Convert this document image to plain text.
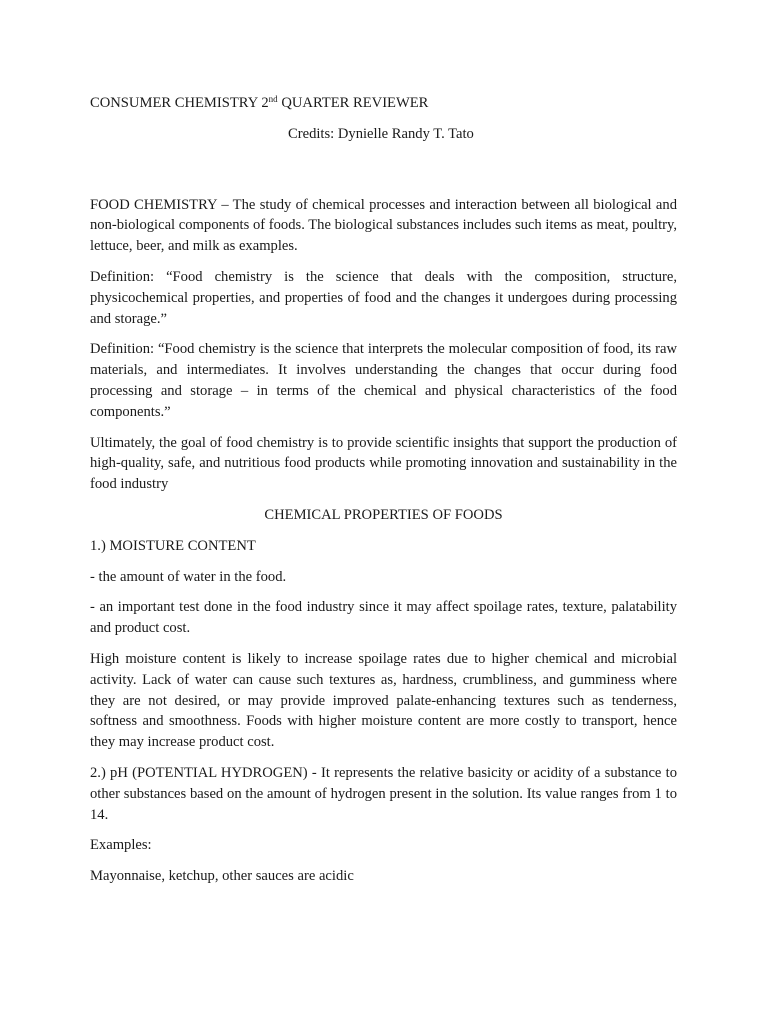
CONSUMER CHEMISTRY 2nd QUARTER REVIEWER

Credits: Dynielle Randy T. Tato

FOOD CHEMISTRY – The study of chemical processes and interaction between all biological and non-biological components of foods. The biological substances includes such items as meat, poultry, lettuce, beer, and milk as examples.

Definition: “Food chemistry is the science that deals with the composition, structure, physicochemical properties, and properties of food and the changes it undergoes during processing and storage.”

Definition: “Food chemistry is the science that interprets the molecular composition of food, its raw materials, and intermediates. It involves understanding the changes that occur during food processing and storage – in terms of the chemical and physical characteristics of the food components.”

Ultimately, the goal of food chemistry is to provide scientific insights that support the production of high-quality, safe, and nutritious food products while promoting innovation and sustainability in the food industry

CHEMICAL PROPERTIES OF FOODS

1.) MOISTURE CONTENT

- the amount of water in the food.

- an important test done in the food industry since it may affect spoilage rates, texture, palatability and product cost.

High moisture content is likely to increase spoilage rates due to higher chemical and microbial activity. Lack of water can cause such textures as, hardness, crumbliness, and gumminess where they are not desired, or may provide improved palate-enhancing textures such as tenderness, softness and smoothness. Foods with higher moisture content are more costly to transport, hence they may increase product cost.

2.) pH (POTENTIAL HYDROGEN) - It represents the relative basicity or acidity of a substance to other substances based on the amount of hydrogen present in the solution. Its value ranges from 1 to 14.

Examples:

Mayonnaise, ketchup, other sauces are acidic
